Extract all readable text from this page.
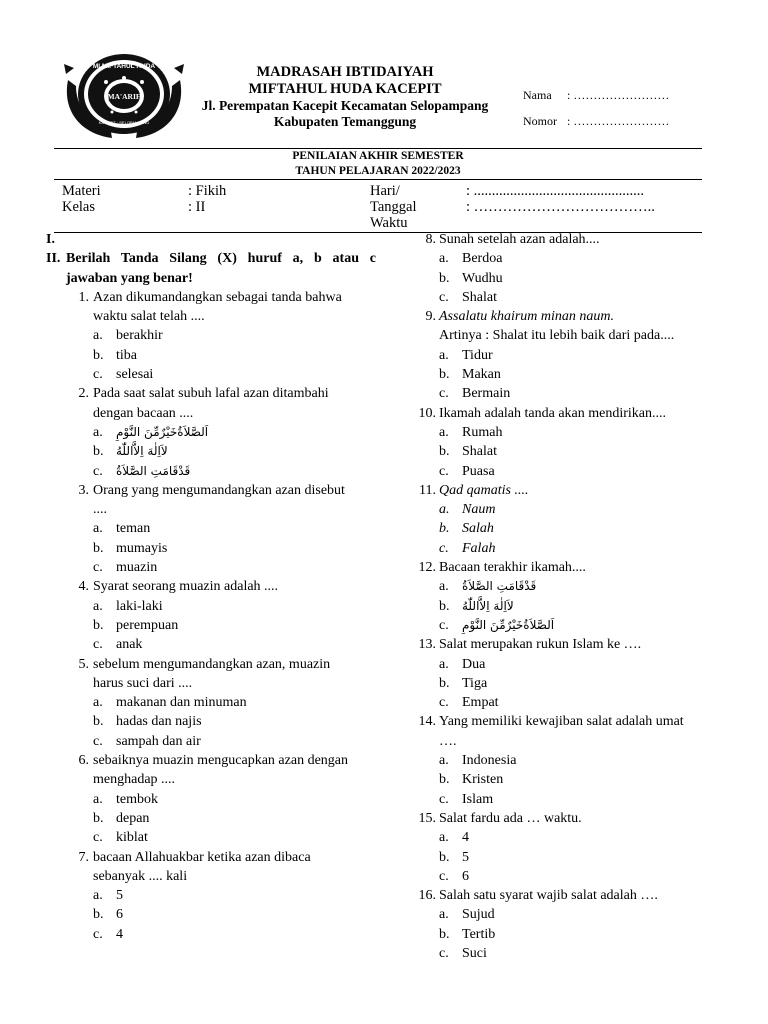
MI MIFTAHUL HUDA
MA'ARIF
KACEPIT · SELOPAMPANG
MADRASAH IBTIDAIYAH
MIFTAHUL HUDA KACEPIT
Jl. Perempatan Kacepit Kecamatan Selopampang
Kabupaten Temanggung
Nama : ……………………
Nomor : ……………………
PENILAIAN AKHIR SEMESTER
TAHUN PELAJARAN 2022/2023
Materi	: Fikih
Kelas	: II
Hari/	: ...............................................
Tanggal	: ………………………………..
Waktu
I.
II. Berilah Tanda Silang (X) huruf a, b atau c
jawaban yang benar!
1. Azan dikumandangkan sebagai tanda bahwa
waktu salat telah ....
a. berakhir
b. tiba
c. selesai
2. Pada saat salat subuh lafal azan ditambahi
dengan bacaan ....
a. اَلصَّلاَةُخَيْرٌمِّنَ النَّوْمِ
b. لاَاِلٰهَ اِلاَّاللّٰهُ
c. قَدْقَامَتِ الصَّلاَةُ
3. Orang yang mengumandangkan azan disebut
....
a. teman
b. mumayis
c. muazin
4. Syarat seorang muazin adalah ....
a. laki-laki
b. perempuan
c. anak
5. sebelum mengumandangkan azan, muazin
harus suci dari ....
a. makanan dan minuman
b. hadas dan najis
c. sampah dan air
6. sebaiknya muazin mengucapkan azan dengan
menghadap ....
a. tembok
b. depan
c. kiblat
7. bacaan Allahuakbar ketika azan dibaca
sebanyak .... kali
a. 5
b. 6
c. 4
8. Sunah setelah azan adalah....
a. Berdoa
b. Wudhu
c. Shalat
9. Assalatu khairum minan naum.
Artinya : Shalat itu lebih baik dari pada....
a. Tidur
b. Makan
c. Bermain
10. Ikamah adalah tanda akan mendirikan....
a. Rumah
b. Shalat
c. Puasa
11. Qad qamatis ....
a. Naum
b. Salah
c. Falah
12. Bacaan terakhir ikamah....
a. قَدْقَامَتِ الصَّلاَةُ
b. لاَاِلٰهَ اِلاَّاللّٰهُ
c. اَلصَّلاَةُخَيْرٌمِّنَ النَّوْمِ
13. Salat merupakan rukun Islam ke ….
a. Dua
b. Tiga
c. Empat
14. Yang memiliki kewajiban salat adalah umat
….
a. Indonesia
b. Kristen
c. Islam
15. Salat fardu ada … waktu.
a. 4
b. 5
c. 6
16. Salah satu syarat wajib salat adalah ….
a. Sujud
b. Tertib
c. Suci
